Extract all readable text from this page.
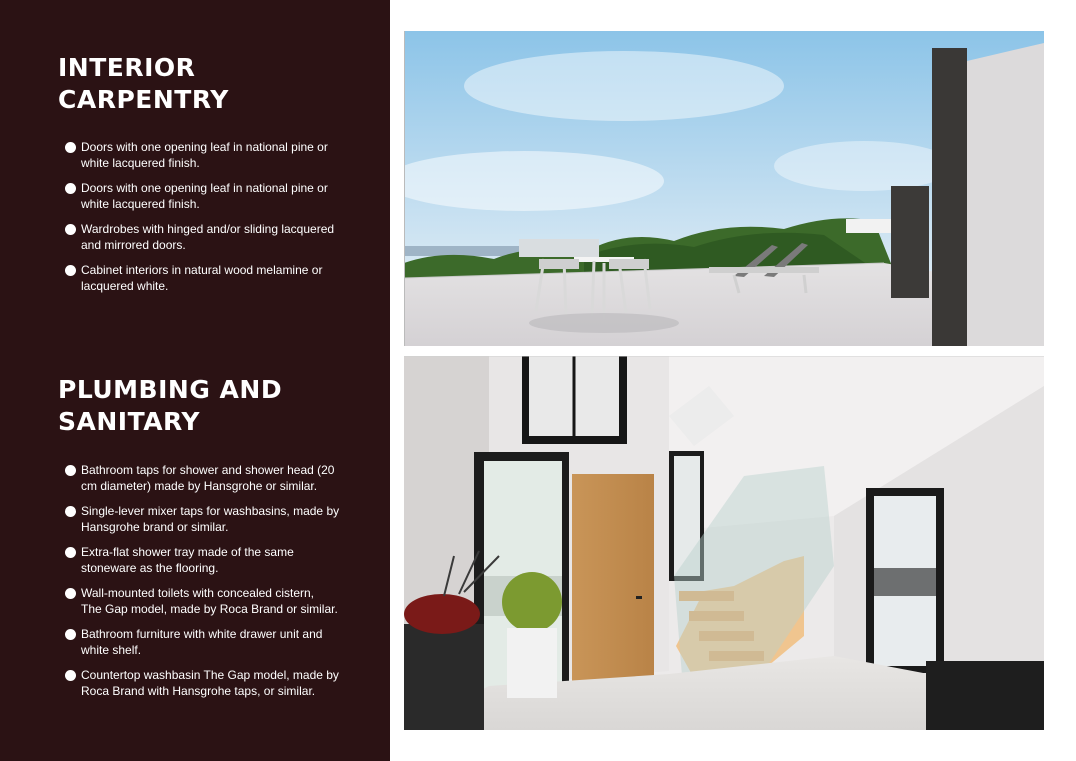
INTERIOR
CARPENTRY
Doors with one opening leaf in national pine or
white lacquered finish.
Doors with one opening leaf in national pine or
white lacquered finish.
Wardrobes with hinged and/or sliding lacquered
and mirrored doors.
Cabinet interiors in natural wood melamine or
lacquered white.
PLUMBING AND
SANITARY
Bathroom taps for shower and shower head (20
cm diameter) made by Hansgrohe or similar.
Single-lever mixer taps for washbasins, made by
Hansgrohe brand or similar.
Extra-flat shower tray made of the same
stoneware as the flooring.
Wall-mounted toilets with concealed cistern,
The Gap model, made by Roca Brand or similar.
Bathroom furniture with white drawer unit and
white shelf.
Countertop washbasin The Gap model, made by
Roca Brand with Hansgrohe taps, or similar.
